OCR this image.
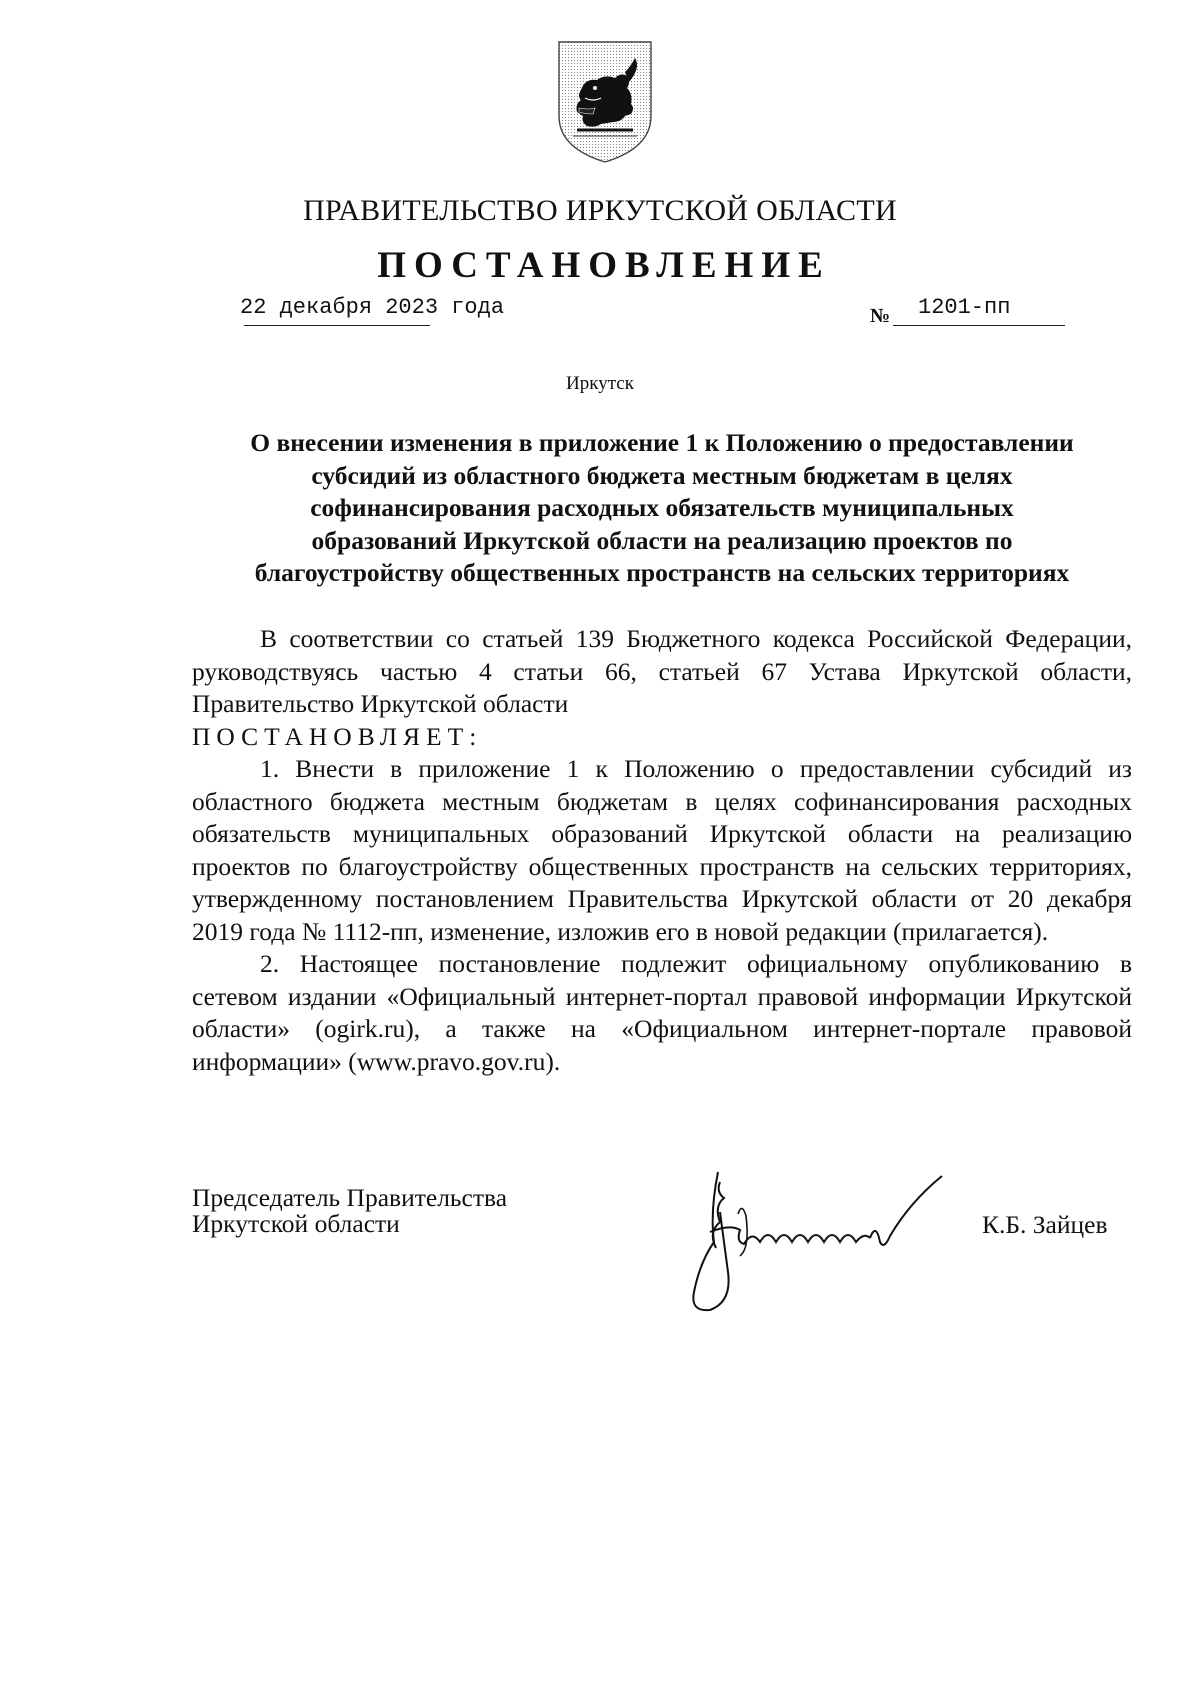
ПРАВИТЕЛЬСТВО ИРКУТСКОЙ ОБЛАСТИ
ПОСТАНОВЛЕНИЕ
22 декабря 2023 года	№ 1201-пп
Иркутск
О внесении изменения в приложение 1 к Положению о предоставлении
субсидий из областного бюджета местным бюджетам в целях
софинансирования расходных обязательств муниципальных
образований Иркутской области на реализацию проектов по
благоустройству общественных пространств на сельских территориях

В соответствии со статьей 139 Бюджетного кодекса Российской Федерации, руководствуясь частью 4 статьи 66, статьей 67 Устава Иркутской области, Правительство Иркутской области

ПОСТАНОВЛЯЕТ:

1. Внести в приложение 1 к Положению о предоставлении субсидий из областного бюджета местным бюджетам в целях софинансирования расходных обязательств муниципальных образований Иркутской области на реализацию проектов по благоустройству общественных пространств на сельских территориях, утвержденному постановлением Правительства Иркутской области от 20 декабря 2019 года № 1112-пп, изменение, изложив его в новой редакции (прилагается).

2. Настоящее постановление подлежит официальному опубликованию в сетевом издании «Официальный интернет-портал правовой информации Иркутской области» (ogirk.ru), а также на «Официальном интернет-портале правовой информации» (www.pravo.gov.ru).

Председатель Правительства
Иркутской области	К.Б. Зайцев
